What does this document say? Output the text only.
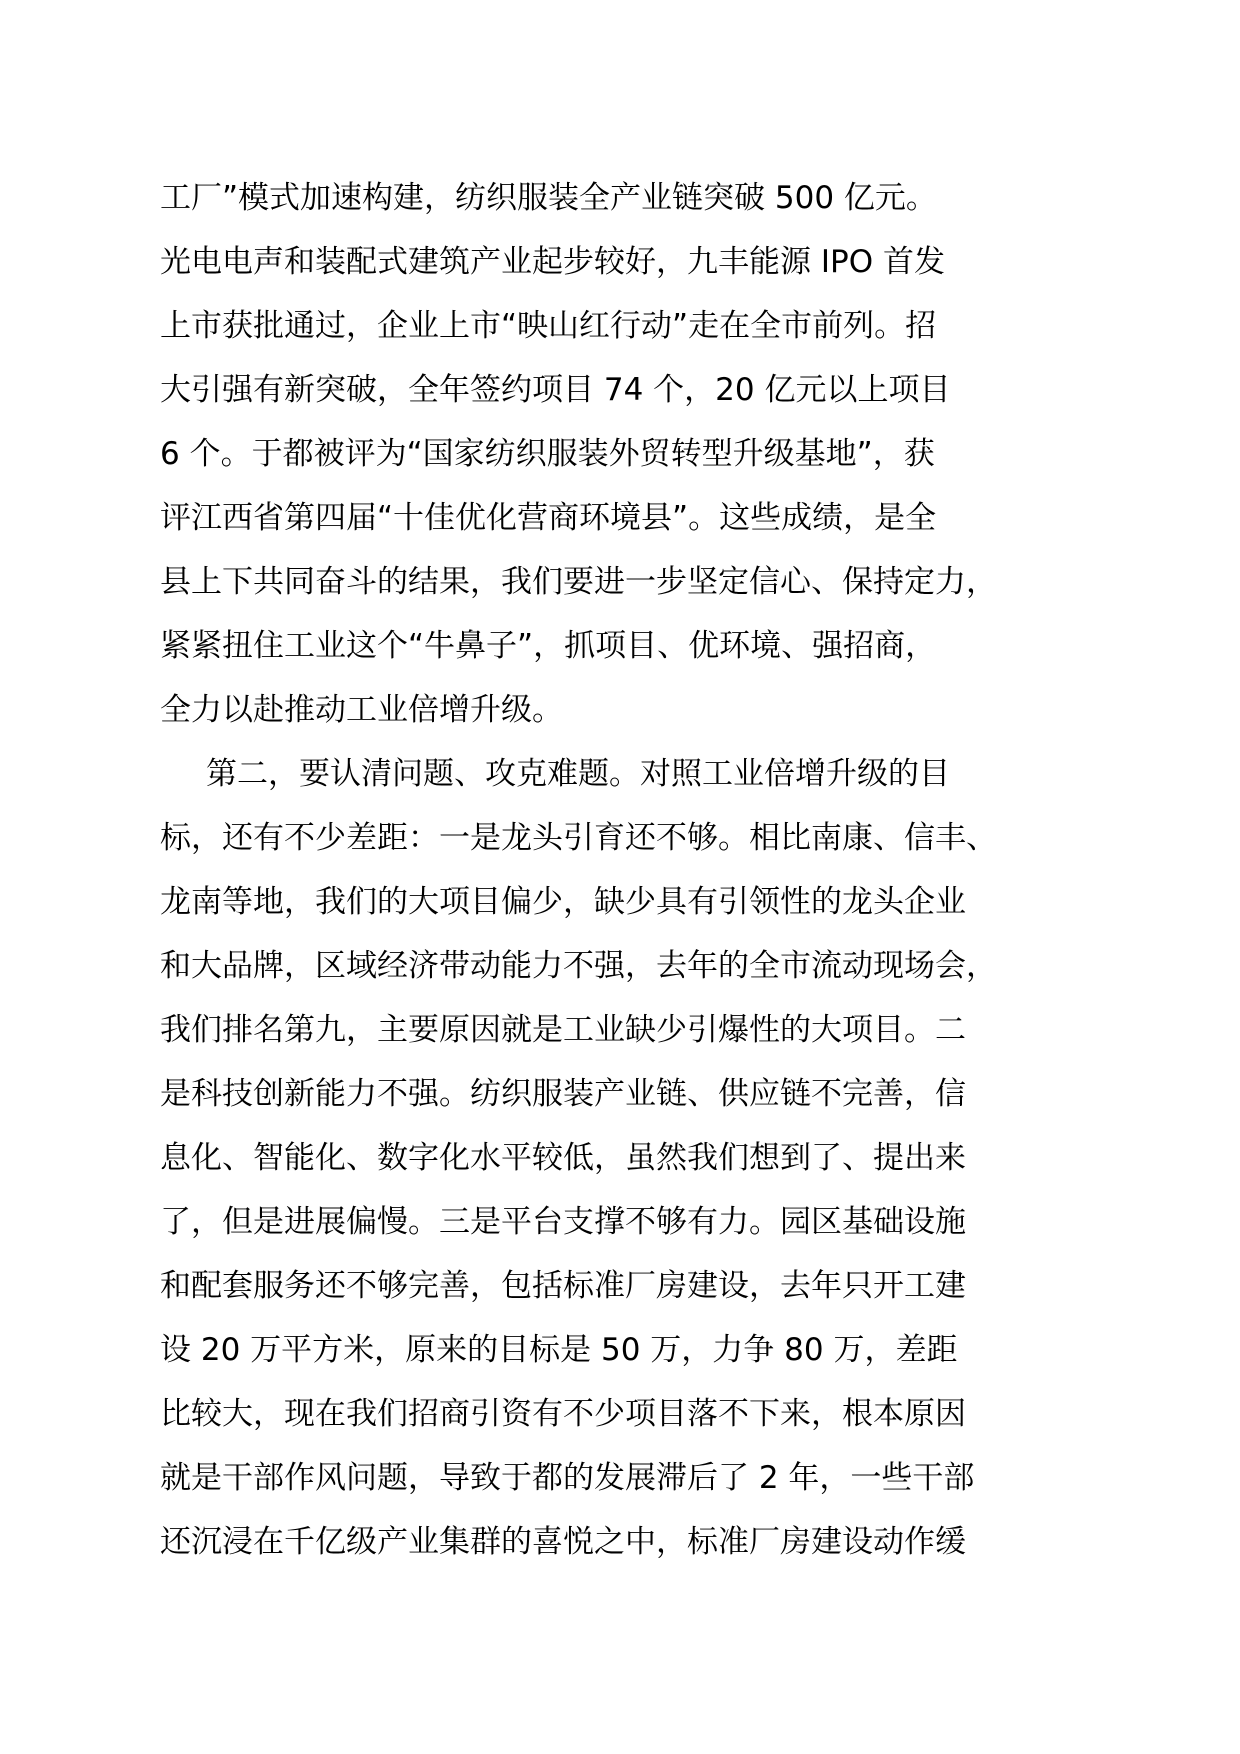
工厂”模式加速构建，纺织服装全产业链突破 500 亿元。
光电电声和装配式建筑产业起步较好，九丰能源 IPO 首发
上市获批通过，企业上市“映山红行动”走在全市前列。招
大引强有新突破，全年签约项目 74 个，20 亿元以上项目
6 个。于都被评为“国家纺织服装外贸转型升级基地”，获
评江西省第四届“十佳优化营商环境县”。这些成绩，是全
县上下共同奋斗的结果，我们要进一步坚定信心、保持定力，
紧紧扭住工业这个“牛鼻子”，抓项目、优环境、强招商，
全力以赴推动工业倍增升级。
第二，要认清问题、攻克难题。对照工业倍增升级的目
标，还有不少差距：一是龙头引育还不够。相比南康、信丰、
龙南等地，我们的大项目偏少，缺少具有引领性的龙头企业
和大品牌，区域经济带动能力不强，去年的全市流动现场会，
我们排名第九，主要原因就是工业缺少引爆性的大项目。二
是科技创新能力不强。纺织服装产业链、供应链不完善，信
息化、智能化、数字化水平较低，虽然我们想到了、提出来
了，但是进展偏慢。三是平台支撑不够有力。园区基础设施
和配套服务还不够完善，包括标准厂房建设，去年只开工建
设 20 万平方米，原来的目标是 50 万，力争 80 万，差距
比较大，现在我们招商引资有不少项目落不下来，根本原因
就是干部作风问题，导致于都的发展滞后了 2 年，一些干部
还沉浸在千亿级产业集群的喜悦之中，标准厂房建设动作缓
